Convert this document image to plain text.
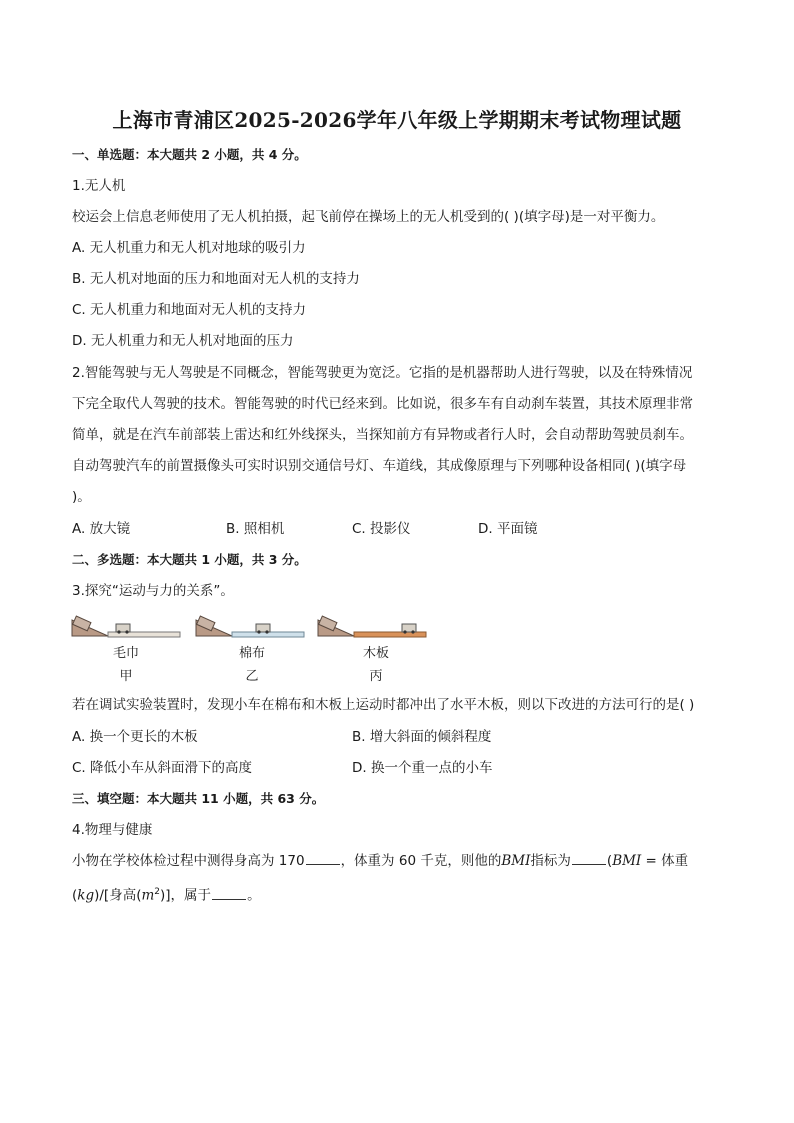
上海市青浦区2025-2026学年八年级上学期期末考试物理试题
一、单选题：本大题共 2 小题，共 4 分。
1.无人机
校运会上信息老师使用了无人机拍摄，起飞前停在操场上的无人机受到的( )(填字母)是一对平衡力。
A. 无人机重力和无人机对地球的吸引力
B. 无人机对地面的压力和地面对无人机的支持力
C. 无人机重力和地面对无人机的支持力
D. 无人机重力和无人机对地面的压力
2.智能驾驶与无人驾驶是不同概念，智能驾驶更为宽泛。它指的是机器帮助人进行驾驶，以及在特殊情况
下完全取代人驾驶的技术。智能驾驶的时代已经来到。比如说，很多车有自动刹车装置，其技术原理非常
简单，就是在汽车前部装上雷达和红外线探头，当探知前方有异物或者行人时，会自动帮助驾驶员刹车。
自动驾驶汽车的前置摄像头可实时识别交通信号灯、车道线，其成像原理与下列哪种设备相同( )(填字母
)。
A. 放大镜	B. 照相机	C. 投影仪	D. 平面镜
二、多选题：本大题共 1 小题，共 3 分。
3.探究“运动与力的关系”。
毛巾	棉布	木板
甲	乙	丙
若在调试实验装置时，发现小车在棉布和木板上运动时都冲出了水平木板，则以下改进的方法可行的是( )
A. 换一个更长的木板	B. 增大斜面的倾斜程度
C. 降低小车从斜面滑下的高度	D. 换一个重一点的小车
三、填空题：本大题共 11 小题，共 63 分。
4.物理与健康
小物在学校体检过程中测得身高为 170	，体重为 60 千克，则他的BMI指标为	(BMI = 体重
(kg)/[身高$(m^2)$]，属于	。
